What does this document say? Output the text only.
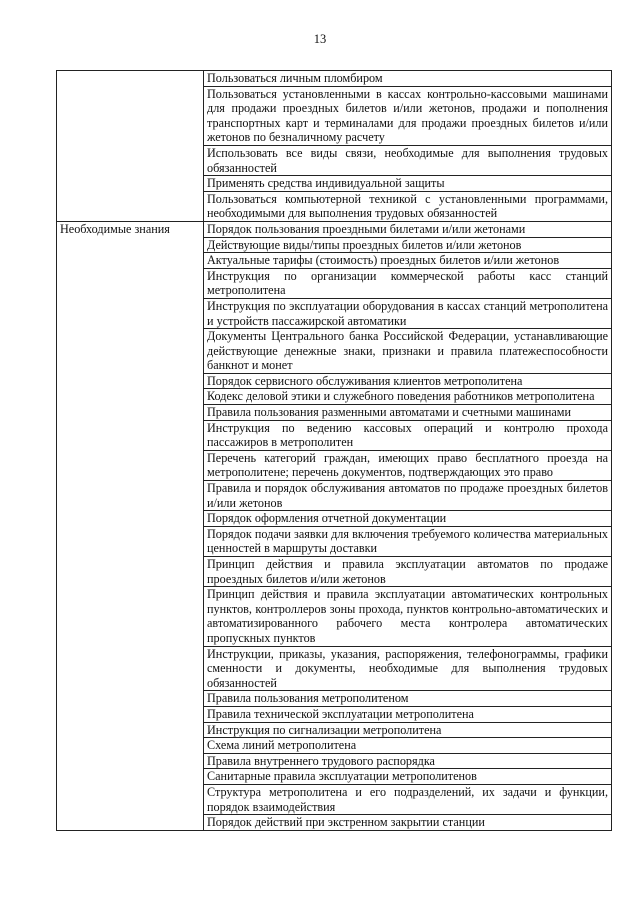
13
	Пользоваться личным пломбиром
	Пользоваться установленными в кассах контрольно-кассовыми машинами для продажи проездных билетов и/или жетонов, продажи и пополнения транспортных карт и терминалами для продажи проездных билетов и/или жетонов по безналичному расчету
	Использовать все виды связи, необходимые для выполнения трудовых обязанностей
	Применять средства индивидуальной защиты
	Пользоваться компьютерной техникой с установленными программами, необходимыми для выполнения трудовых обязанностей
Необходимые знания	Порядок пользования проездными билетами и/или жетонами
	Действующие виды/типы проездных билетов и/или жетонов
	Актуальные тарифы (стоимость) проездных билетов и/или жетонов
	Инструкция по организации коммерческой работы касс станций метрополитена
	Инструкция по эксплуатации оборудования в кассах станций метрополитена и устройств пассажирской автоматики
	Документы Центрального банка Российской Федерации, устанавливающие действующие денежные знаки, признаки и правила платежеспособности банкнот и монет
	Порядок сервисного обслуживания клиентов метрополитена
	Кодекс деловой этики и служебного поведения работников метрополитена
	Правила пользования разменными автоматами и счетными машинами
	Инструкция по ведению кассовых операций и контролю прохода пассажиров в метрополитен
	Перечень категорий граждан, имеющих право бесплатного проезда на метрополитене; перечень документов, подтверждающих это право
	Правила и порядок обслуживания автоматов по продаже проездных билетов и/или жетонов
	Порядок оформления отчетной документации
	Порядок подачи заявки для включения требуемого количества материальных ценностей в маршруты доставки
	Принцип действия и правила эксплуатации автоматов по продаже проездных билетов и/или жетонов
	Принцип действия и правила эксплуатации автоматических контрольных пунктов, контроллеров зоны прохода, пунктов контрольно-автоматических и автоматизированного рабочего места контролера автоматических пропускных пунктов
	Инструкции, приказы, указания, распоряжения, телефонограммы, графики сменности и документы, необходимые для выполнения трудовых обязанностей
	Правила пользования метрополитеном
	Правила технической эксплуатации метрополитена
	Инструкция по сигнализации метрополитена
	Схема линий метрополитена
	Правила внутреннего трудового распорядка
	Санитарные правила эксплуатации метрополитенов
	Структура метрополитена и его подразделений, их задачи и функции, порядок взаимодействия
	Порядок действий при экстренном закрытии станции
